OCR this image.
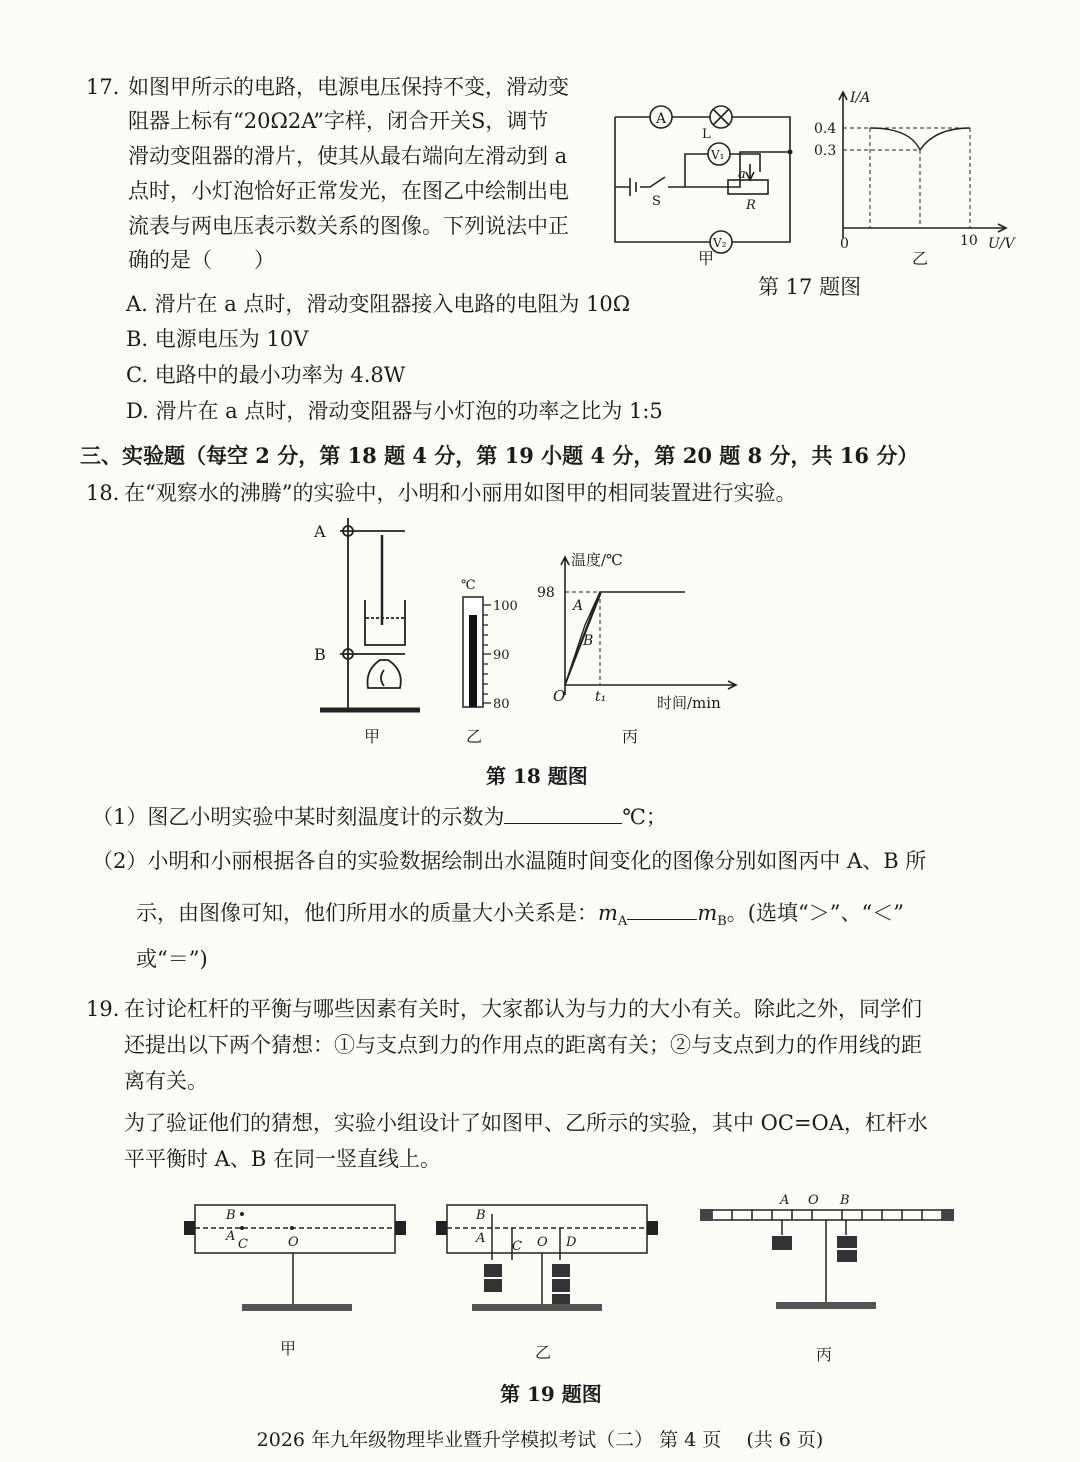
17. 如图甲所示的电路，电源电压保持不变，滑动变
阻器上标有“20Ω2A”字样，闭合开关S，调节
滑动变阻器的滑片，使其从最右端向左滑动到 a
点时，小灯泡恰好正常发光，在图乙中绘制出电
流表与两电压表示数关系的图像。下列说法中正
确的是（　　）
A. 滑片在 a 点时，滑动变阻器接入电路的电阻为 10Ω
B. 电源电压为 10V
C. 电路中的最小功率为 4.8W
D. 滑片在 a 点时，滑动变阻器与小灯泡的功率之比为 1:5
A
L
V₁
V₂
S
a
R
甲
I/A
0.4
0.3
0	10 U/V
乙
第 17 题图
三、实验题（每空 2 分，第 18 题 4 分，第 19 小题 4 分，第 20 题 8 分，共 16 分）
18. 在“观察水的沸腾”的实验中，小明和小丽用如图甲的相同装置进行实验。
A
B
甲
℃
100
90
80
乙
温度/℃
98
A
B
O t₁	时间/min
丙
第 18 题图
（1）图乙小明实验中某时刻温度计的示数为	℃；
（2）小明和小丽根据各自的实验数据绘制出水温随时间变化的图像分别如图丙中 A、B 所
示，由图像可知，他们所用水的质量大小关系是：$m_A$	$m_B$。(选填“＞”、“＜”
或“＝”)
19. 在讨论杠杆的平衡与哪些因素有关时，大家都认为与力的大小有关。除此之外，同学们
还提出以下两个猜想：①与支点到力的作用点的距离有关；②与支点到力的作用线的距
离有关。
为了验证他们的猜想，实验小组设计了如图甲、乙所示的实验，其中 OC=OA，杠杆水
平平衡时 A、B 在同一竖直线上。
B
A
C	O
甲
B
A
C O D
乙
A O B
丙
第 19 题图
2026 年九年级物理毕业暨升学模拟考试（二） 第 4 页 　(共 6 页)
